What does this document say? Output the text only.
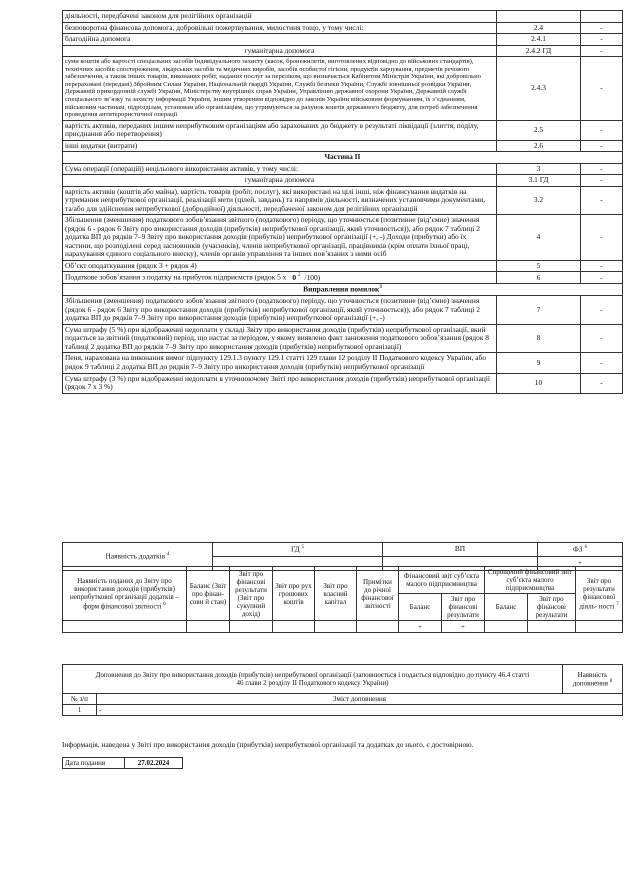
діяльності, передбачені законом для релігійних організацій		
безповоротна фінансова допомога, добровільні пожертвування, милостиня тощо, у тому числі:	2.4	-
благодійна допомога	2.4.1	-
гуманітарна допомога	2.4.2 ГД	-
суми коштів або вартості спеціальних засобів індивідуального захисту (касок, бронежилетів, виготовлених відповідно до військових стандартів), технічних засобів спостереження, лікарських засобів та медичних виробів, засобів особистої гігієни, продуктів харчування, предметів речового забезпечення, а також інших товарів, виконаних робіт, наданих послуг за переліком, що визначається Кабінетом Міністрів України, які добровільно перераховані (передані) Збройним Силам України, Національній гвардії України, Службі безпеки України, Службі зовнішньої розвідки України, Державній прикордонній службі України, Міністерству внутрішніх справ України, Управлінню державної охорони України, Державній службі спеціального зв’язку та захисту інформації України, іншим утвореним відповідно до законів України військовим формуванням, їх з’єднанням, військовим частинам, підрозділам, установам або організаціям, що утримуються за рахунок коштів державного бюджету, для потреб забезпечення проведення антитерористичної операції	2.4.3	-
вартість активів, переданих іншим неприбутковим організаціям або зарахованих до бюджету в результаті ліквідації (злиття, поділу, приєднання або перетворення)	2.5	-
інші видатки (витрати)	2.6	-
Частина II		
Сума операції (операцій) нецільового використання активів, у тому числі:	3	-
гуманітарна допомога	3.1 ГД	-
вартість активів (коштів або майна), вартість товарів (робіт, послуг), які використані на цілі іншi, ніж фінансування видатків на утримання неприбуткової організації, реалізації мети (цілей, завдань) та напрямів діяльності, визначених установчими документами, та/або для здійснення неприбуткової (добродійної) діяльності, передбаченої законом для релігійних організацій	3.2	-
Збільшення (зменшення) податкового зобов’язання звітного (податкового) періоду, що уточнюється (позитивне (від’ємне) значення (рядок 6 - рядок 6 Звіту про використання доходів (прибутків) неприбуткової організації, який уточнюється)), або рядок 7 таблиці 2 додатка ВП до рядків 7–9 Звіту про використання доходів (прибутків) неприбуткової організації (+, -) Доходи (прибутки) або їх частини, що розподілені серед засновників (учасників), членів неприбуткової організації, працівників (крім оплати їхньої праці, нарахування єдиного соціального внеску), членів органів управління та інших пов’язаних з ними осіб	4	-
Об’єкт оподаткування (рядок 3 + рядок 4)	5	-
Податкове зобов’язання з податку на прибуток підприємств (рядок 5 х 0 $^2$ /100)	6	-
Виправлення помилок$^3$
Збільшення (зменшення) податкового зобов’язання звітного (податкового) періоду, що уточнюється (позитивне (від’ємне) значення (рядок 6 - рядок 6 Звіту про використання доходів (прибутків) неприбуткової організації, який уточнюється)), або рядок 7 таблиці 2 додатка ВП до рядків 7–9 Звіту про використання доходів (прибутків) неприбуткової організації (+, -)	7	-
Сума штрафу (5 %) при відображенні недоплати у складі Звіту про використання доходів (прибутків) неприбуткової організації, який подається за звітний (податковий) період, що настає за періодом, у якому виявлено факт заниження податкового зобов’язання (рядок 8 таблиці 2 додатка ВП до рядків 7–9 Звіту про використання доходів (прибутків) неприбуткової організації)	8	-
Пеня, нарахована на виконання вимог підпункту 129.1.3 пункту 129.1 статті 129 глави 12 розділу II Податкового кодексу України, або рядок 9 таблиці 2 додатка ВП до рядків 7–9 Звіту про використання доходів (прибутків) неприбуткової організації	9	-
Сума штрафу (3 %) при відображенні недоплати в уточнюючому Звіті про використання доходів (прибутків) неприбуткової організації (рядок 7 х 3 %)	10	-
Наявність додатків $^4$	ГД $^5$	ВП	ФЗ $^6$
			+
Наявність поданих до Звіту про використання доходів (прибутків) неприбуткової організації додатків – форм фінансової звітності $^6$	Баланс (Звіт про фінан-сови й стан)	Звіт про фінансові результати (Звіт про сукупний дохід)	Звіт про рух грошових коштів	Звіт про власний капітал	Примітки до річної фінансової звітності	Фінансовий звіт суб’єкта малого підприємництва		Спрощений фінансовий звіт суб’єкта малого підприємництва		Звіт про результати фінансової діяль- ності $^7$
						Баланс	Звіт про фінансові результати	Баланс	Звіт про фінансові результати	

						+	+			
Доповнення до Звіту про використання доходів (прибутків) неприбуткової організації (заповнюється і подається відповідно до пункту 46.4 статті 46 глави 2 розділу II Податкового кодексу України)		Наявність доповнення $^8$
№ з/п	Зміст доповнення	
1	-	
Інформація, наведена у Звіті про використання доходів (прибутків) неприбуткової організації та додатках до нього, є достовірною.
Дата подання	27.02.2024
